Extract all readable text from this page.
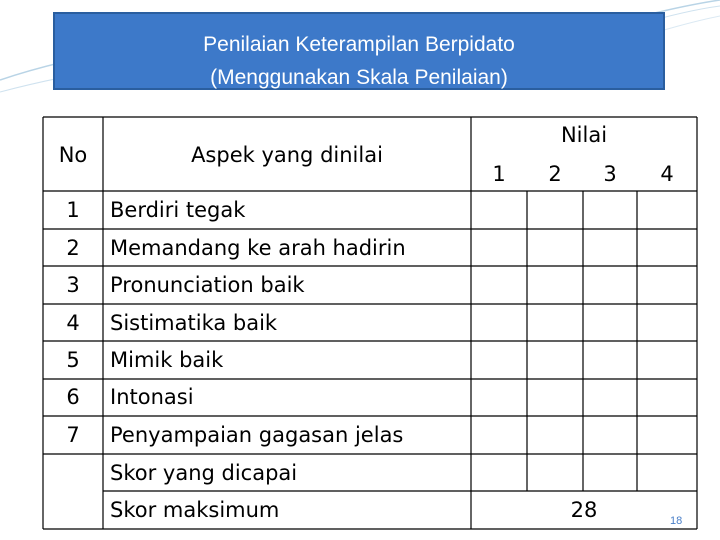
Penilaian Keterampilan Berpidato
(Menggunakan Skala Penilaian)
No	Aspek yang dinilai
Nilai
1	2	3	4
1	Berdiri tegak
2	Memandang ke arah hadirin
3	Pronunciation baik
4	Sistimatika baik
5	Mimik baik
6	Intonasi
7	Penyampaian gagasan jelas
Skor yang dicapai
Skor maksimum	28	18
